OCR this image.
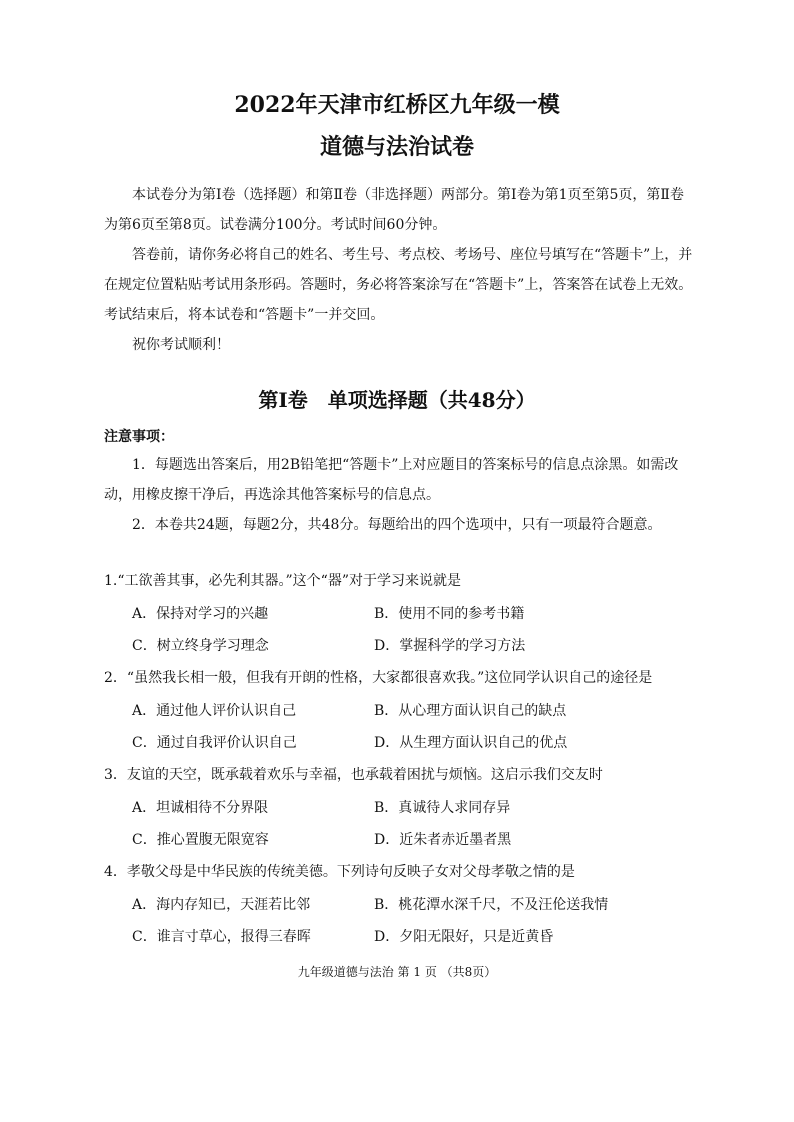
2022年天津市红桥区九年级一模
道德与法治试卷

本试卷分为第Ⅰ卷（选择题）和第Ⅱ卷（非选择题）两部分。第Ⅰ卷为第1页至第5页，第Ⅱ卷为第6页至第8页。试卷满分100分。考试时间60分钟。

答卷前，请你务必将自己的姓名、考生号、考点校、考场号、座位号填写在“答题卡”上，并在规定位置粘贴考试用条形码。答题时，务必将答案涂写在“答题卡”上，答案答在试卷上无效。考试结束后，将本试卷和“答题卡”一并交回。

祝你考试顺利！

第Ⅰ卷　单项选择题（共48分）
注意事项：

1．每题选出答案后，用2B铅笔把“答题卡”上对应题目的答案标号的信息点涂黑。如需改动，用橡皮擦干净后，再选涂其他答案标号的信息点。

2．本卷共24题，每题2分，共48分。每题给出的四个选项中，只有一项最符合题意。

1.“工欲善其事，必先利其器。”这个“器”对于学习来说就是
A．保持对学习的兴趣	B．使用不同的参考书籍
C．树立终身学习理念	D．掌握科学的学习方法
2．“虽然我长相一般，但我有开朗的性格，大家都很喜欢我。”这位同学认识自己的途径是
A．通过他人评价认识自己	B．从心理方面认识自己的缺点
C．通过自我评价认识自己	D．从生理方面认识自己的优点
3．友谊的天空，既承载着欢乐与幸福，也承载着困扰与烦恼。这启示我们交友时
A．坦诚相待不分界限	B．真诚待人求同存异
C．推心置腹无限宽容	D．近朱者赤近墨者黑
4．孝敬父母是中华民族的传统美德。下列诗句反映子女对父母孝敬之情的是
A．海内存知已，天涯若比邻	B．桃花潭水深千尺，不及汪伦送我情
C．谁言寸草心，报得三春晖	D．夕阳无限好，只是近黄昏
九年级道德与法治 第 1 页 （共8页）
